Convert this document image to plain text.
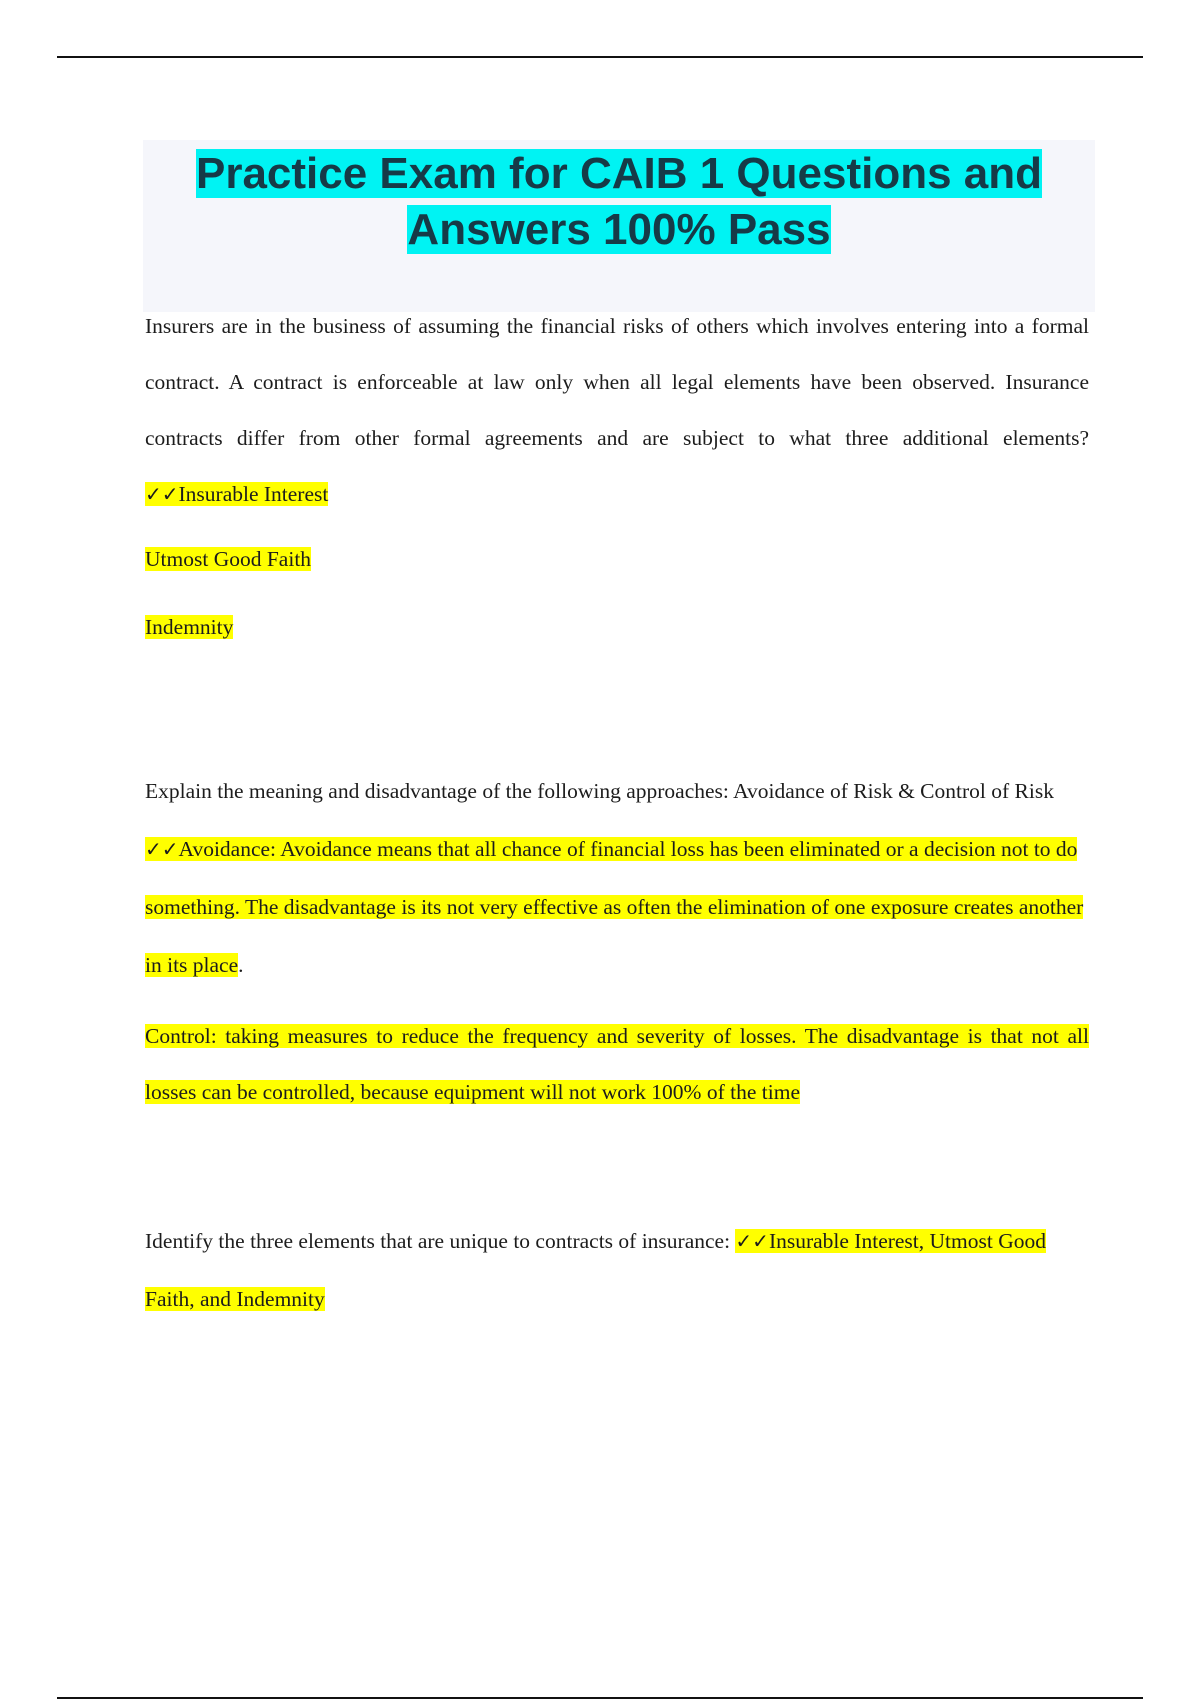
Practice Exam for CAIB 1 Questions and
Answers 100% Pass

Insurers are in the business of assuming the financial risks of others which involves entering into a formal contract. A contract is enforceable at law only when all legal elements have been observed. Insurance contracts differ from other formal agreements and are subject to what three additional elements? ✓✓Insurable Interest

Utmost Good Faith

Indemnity

Explain the meaning and disadvantage of the following approaches: Avoidance of Risk & Control of Risk ✓✓Avoidance: Avoidance means that all chance of financial loss has been eliminated or a decision not to do something. The disadvantage is its not very effective as often the elimination of one exposure creates another in its place.

Control: taking measures to reduce the frequency and severity of losses. The disadvantage is that not all losses can be controlled, because equipment will not work 100% of the time

Identify the three elements that are unique to contracts of insurance: ✓✓Insurable Interest, Utmost Good Faith, and Indemnity
